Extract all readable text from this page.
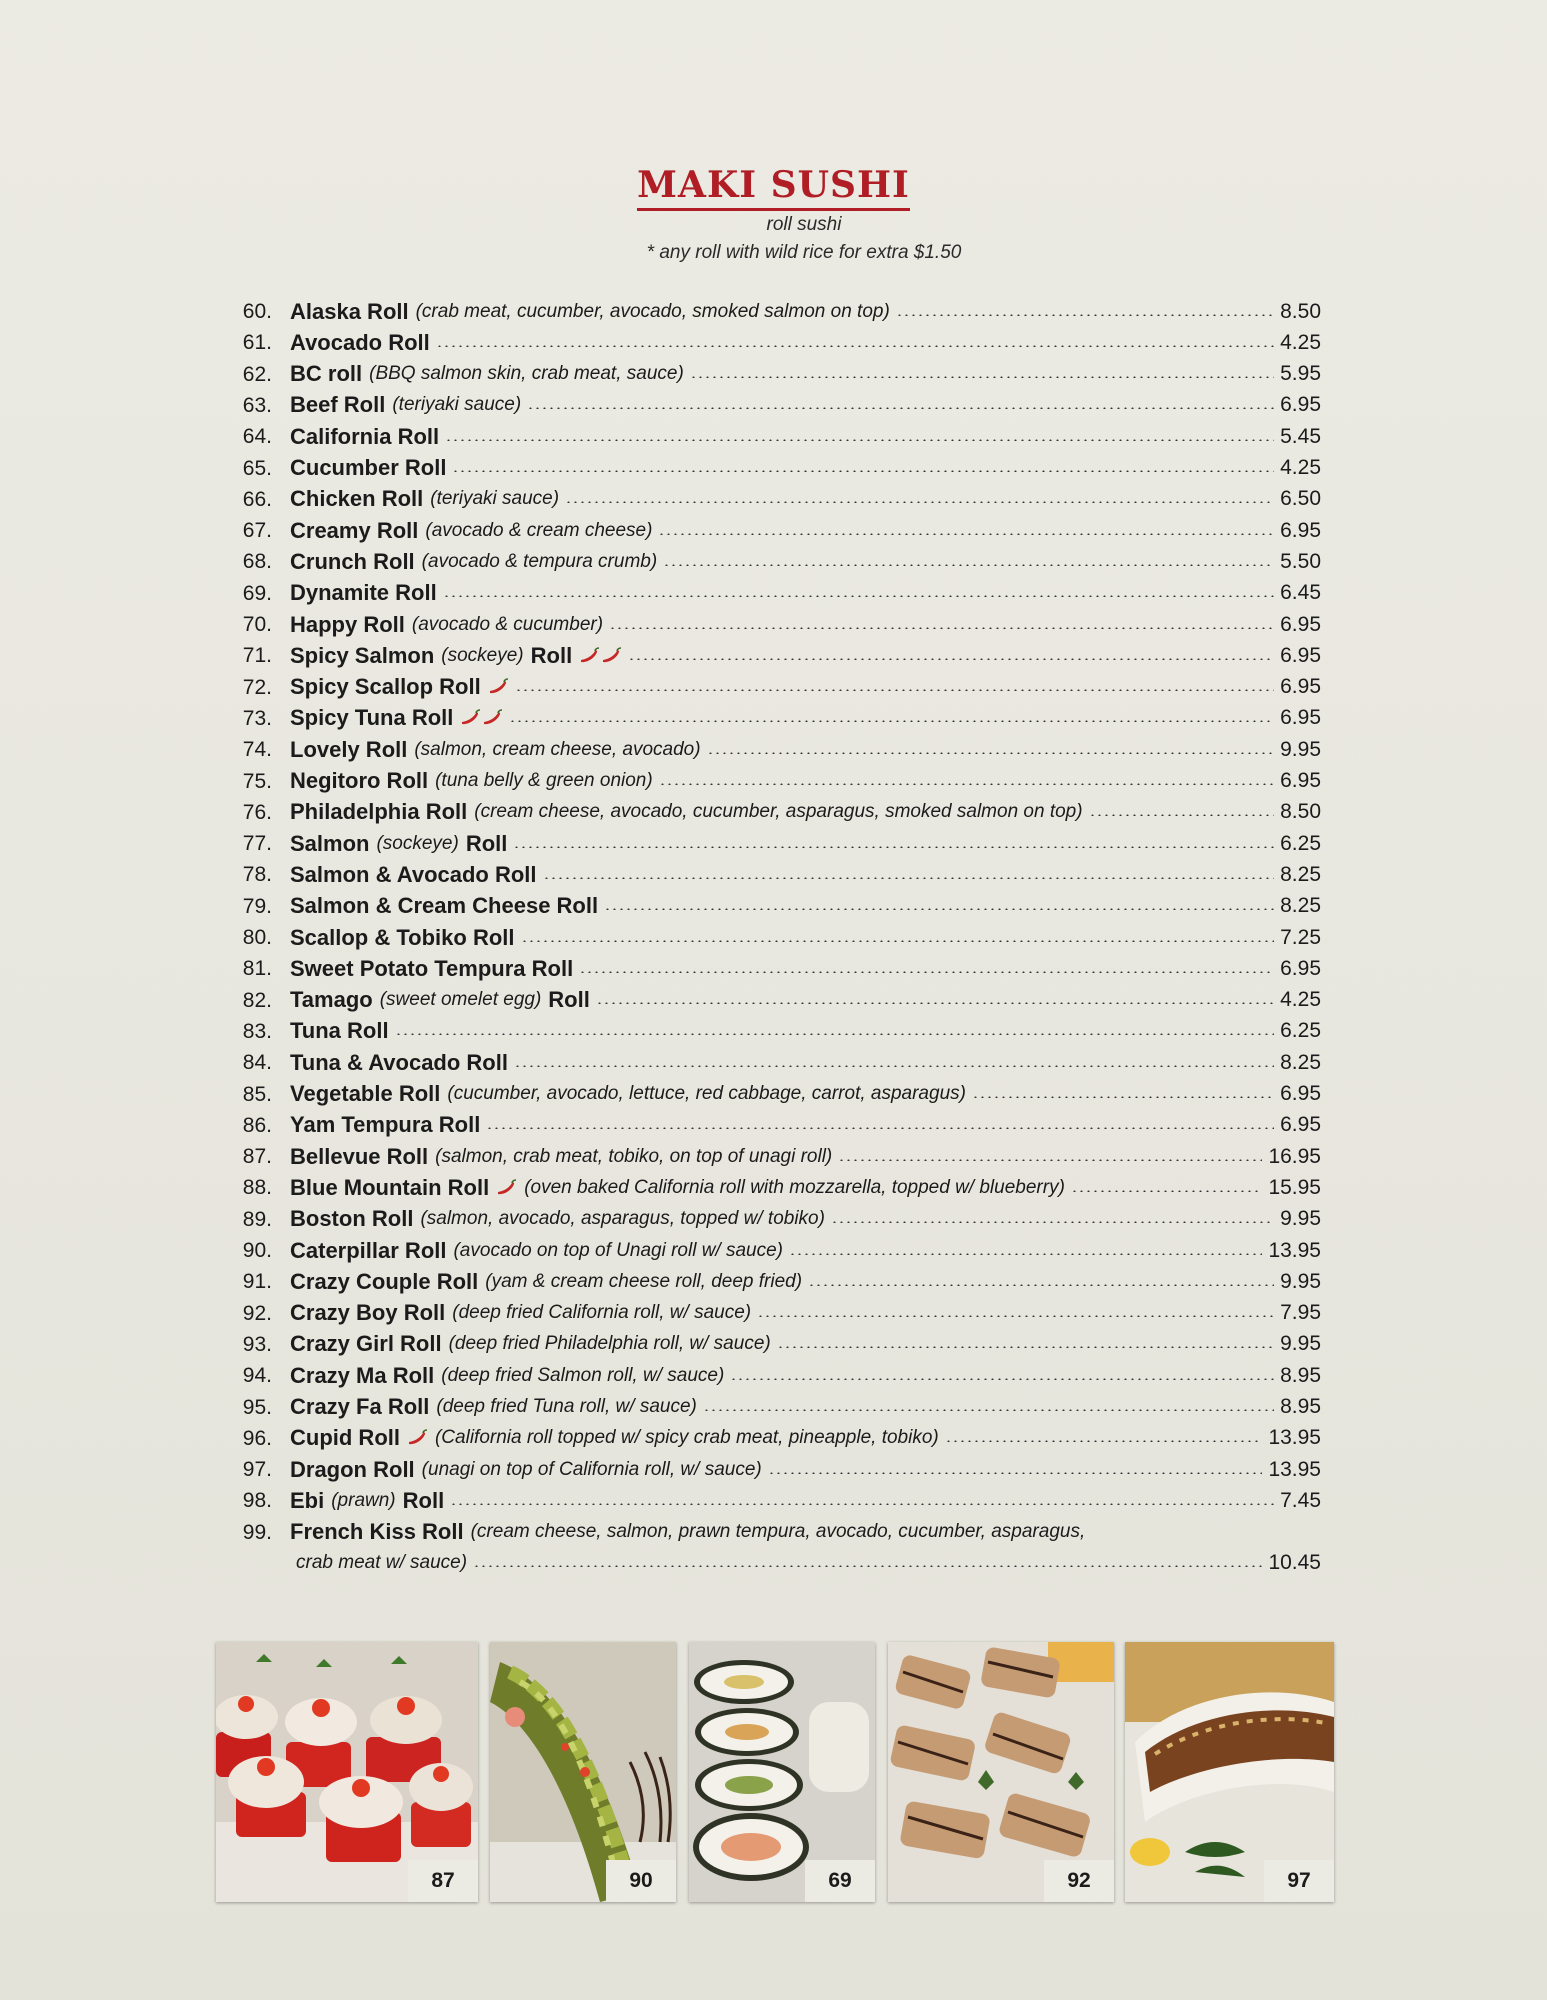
MAKI SUSHI
roll sushi
* any roll with wild rice for extra $1.50
60. Alaska Roll (crab meat, cucumber, avocado, smoked salmon on top)	8.50
61. Avocado Roll	4.25
62. BC roll (BBQ salmon skin, crab meat, sauce)	5.95
63. Beef Roll (teriyaki sauce)	6.95
64. California Roll	5.45
65. Cucumber Roll	4.25
66. Chicken Roll (teriyaki sauce)	6.50
67. Creamy Roll (avocado & cream cheese)	6.95
68. Crunch Roll (avocado & tempura crumb)	5.50
69. Dynamite Roll	6.45
70. Happy Roll (avocado & cucumber)	6.95
71. Spicy Salmon (sockeye) Roll	6.95
72. Spicy Scallop Roll	6.95
73. Spicy Tuna Roll	6.95
74. Lovely Roll (salmon, cream cheese, avocado)	9.95
75. Negitoro Roll (tuna belly & green onion)	6.95
76. Philadelphia Roll (cream cheese, avocado, cucumber, asparagus, smoked salmon on top)	8.50
77. Salmon (sockeye) Roll	6.25
78. Salmon & Avocado Roll	8.25
79. Salmon & Cream Cheese Roll	8.25
80. Scallop & Tobiko Roll	7.25
81. Sweet Potato Tempura Roll	6.95
82. Tamago (sweet omelet egg) Roll	4.25
83. Tuna Roll	6.25
84. Tuna & Avocado Roll	8.25
85. Vegetable Roll (cucumber, avocado, lettuce, red cabbage, carrot, asparagus)	6.95
86. Yam Tempura Roll	6.95
87. Bellevue Roll (salmon, crab meat, tobiko, on top of unagi roll)	16.95
88. Blue Mountain Roll (oven baked California roll with mozzarella, topped w/ blueberry)	15.95
89. Boston Roll (salmon, avocado, asparagus, topped w/ tobiko)	9.95
90. Caterpillar Roll (avocado on top of Unagi roll w/ sauce)	13.95
91. Crazy Couple Roll (yam & cream cheese roll, deep fried)	9.95
92. Crazy Boy Roll (deep fried California roll, w/ sauce)	7.95
93. Crazy Girl Roll (deep fried Philadelphia roll, w/ sauce)	9.95
94. Crazy Ma Roll (deep fried Salmon roll, w/ sauce)	8.95
95. Crazy Fa Roll (deep fried Tuna roll, w/ sauce)	8.95
96. Cupid Roll (California roll topped w/ spicy crab meat, pineapple, tobiko)	13.95
97. Dragon Roll (unagi on top of California roll, w/ sauce)	13.95
98. Ebi (prawn) Roll	7.45
99. French Kiss Roll (cream cheese, salmon, prawn tempura, avocado, cucumber, asparagus,
crab meat w/ sauce)	10.45
87	90	69	92	97
